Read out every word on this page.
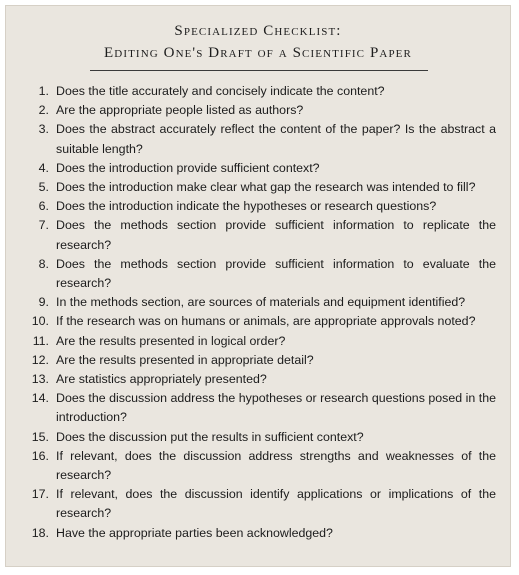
Specialized Checklist:
Editing One's Draft of a Scientific Paper
1. Does the title accurately and concisely indicate the content?
2. Are the appropriate people listed as authors?
3. Does the abstract accurately reflect the content of the paper? Is the abstract a suitable length?
4. Does the introduction provide sufficient context?
5. Does the introduction make clear what gap the research was intended to fill?
6. Does the introduction indicate the hypotheses or research questions?
7. Does the methods section provide sufficient information to replicate the research?
8. Does the methods section provide sufficient information to evaluate the research?
9. In the methods section, are sources of materials and equipment identified?
10. If the research was on humans or animals, are appropriate approvals noted?
11. Are the results presented in logical order?
12. Are the results presented in appropriate detail?
13. Are statistics appropriately presented?
14. Does the discussion address the hypotheses or research questions posed in the introduction?
15. Does the discussion put the results in sufficient context?
16. If relevant, does the discussion address strengths and weaknesses of the research?
17. If relevant, does the discussion identify applications or implications of the research?
18. Have the appropriate parties been acknowledged?
